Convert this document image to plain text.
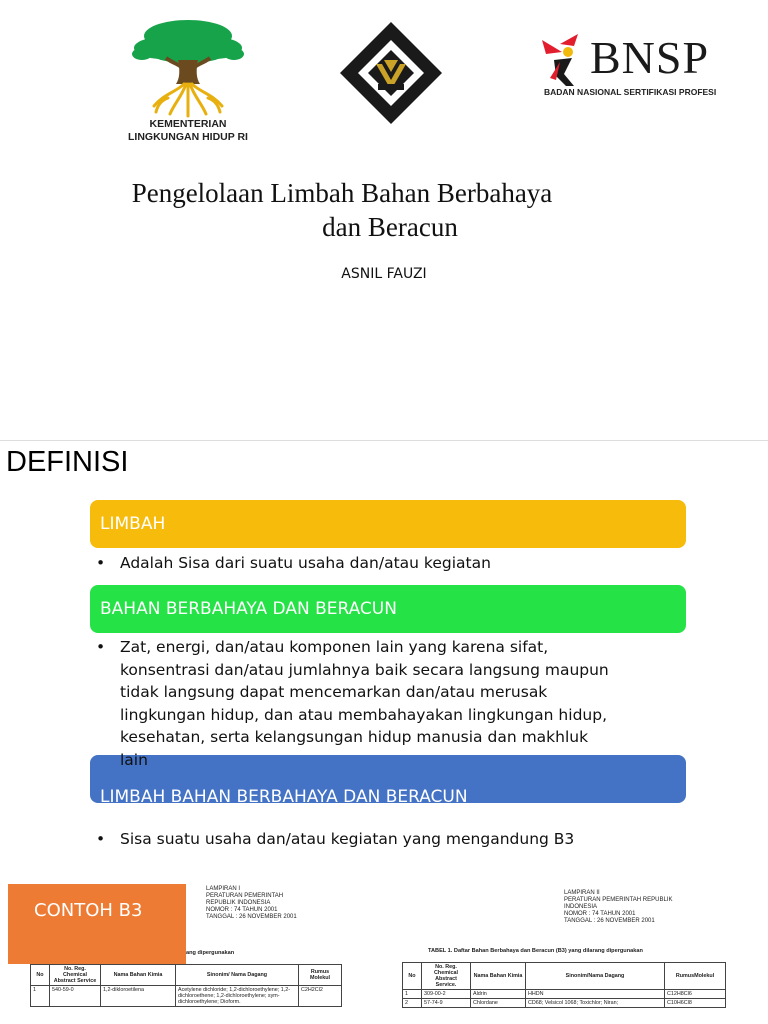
KEMENTERIAN
LINGKUNGAN HIDUP RI
BNSP
BADAN NASIONAL SERTIFIKASI PROFESI
Pengelolaan Limbah Bahan Berbahaya
dan Beracun
ASNIL FAUZI
DEFINISI
LIMBAH
• Adalah Sisa dari suatu usaha dan/atau kegiatan
BAHAN BERBAHAYA DAN BERACUN
• Zat, energi, dan/atau komponen lain yang karena sifat, konsentrasi dan/atau jumlahnya baik secara langsung maupun tidak langsung dapat mencemarkan dan/atau merusak lingkungan hidup, dan atau membahayakan lingkungan hidup, kesehatan, serta kelangsungan hidup manusia dan makhluk lain
LIMBAH BAHAN BERBAHAYA DAN BERACUN
• Sisa suatu usaha dan/atau kegiatan yang mengandung B3
CONTOH B3
LAMPIRAN I
PERATURAN PEMERINTAH
REPUBLIK INDONESIA
NOMOR : 74 TAHUN 2001
TANGGAL : 26 NOVEMBER 2001
ang dipergunakan
No	No. Reg. Chemical Abstract Service	Nama Bahan Kimia	Sinonim/ Nama Dagang	Rumus Molekul
1	540-59-0	1,2-dikloroetilena	Acetylene dichloride; 1,2-dichloroethylene; 1,2-dichloroethene; 1,2-dichloroethylene; sym-dichloroethylene; Dioform.	C2H2Cl2
LAMPIRAN II
PERATURAN PEMERINTAH REPUBLIK
INDONESIA
NOMOR : 74 TAHUN 2001
TANGGAL : 26 NOVEMBER 2001
TABEL 1. Daftar Bahan Berbahaya dan Beracun (B3) yang dilarang dipergunakan
No	No. Reg. Chemical Abstract Service.	Nama Bahan Kimia	Sinonim/Nama Dagang	RumusMolekul
1	309-00-2	Aldrin	HHDN	C12H8Cl6
2	57-74-9	Chlordane	CD68; Velsicol 1068; Toxichlor; Niran;	C10H6Cl8
